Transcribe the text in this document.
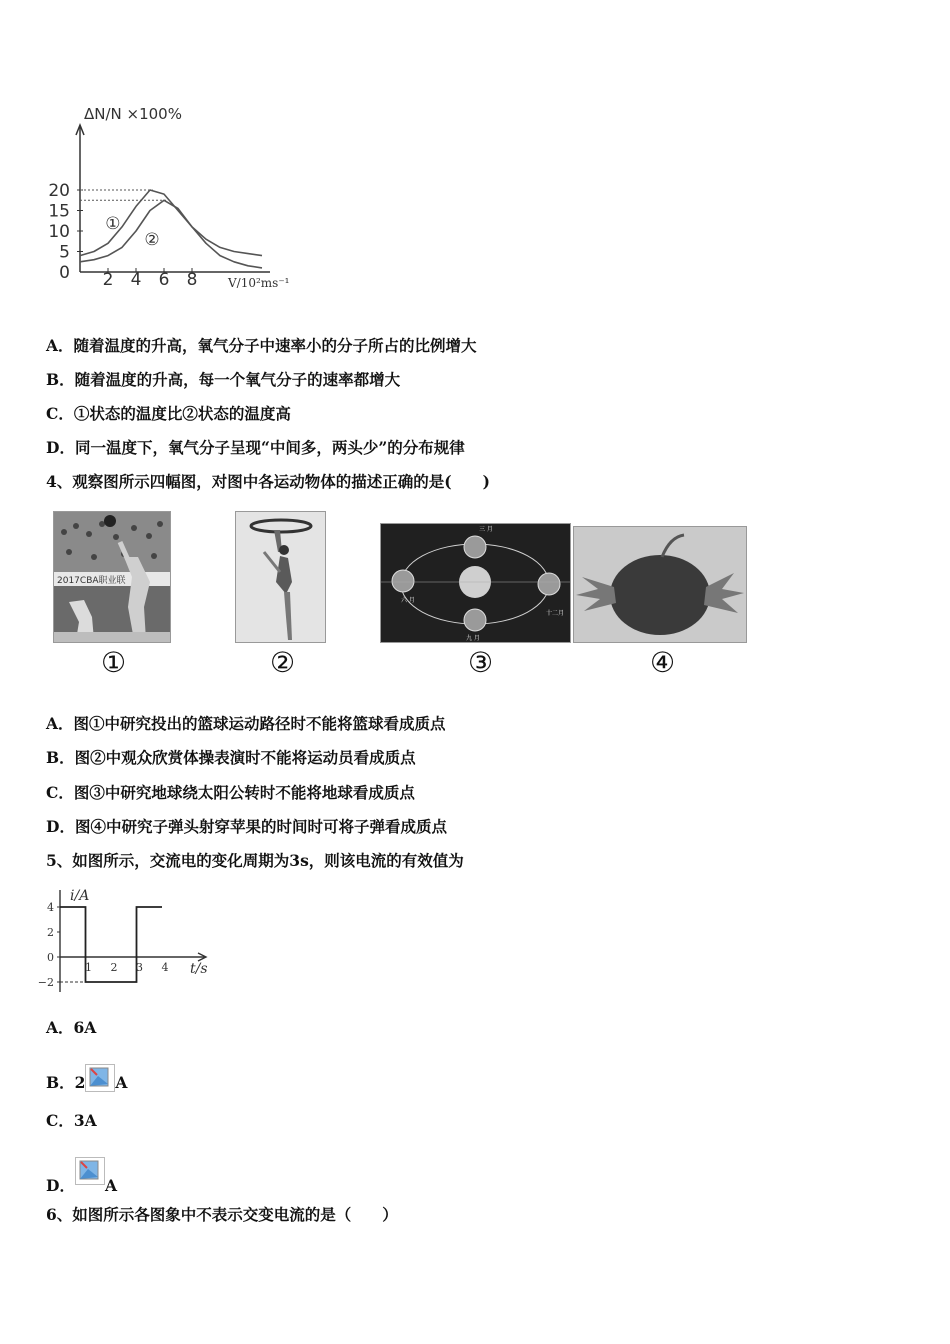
ΔN/N ×100%
V/10²ms⁻¹
0
5
10
15
20
2 4 6 8
①
②
A．随着温度的升高，氧气分子中速率小的分子所占的比例增大
B．随着温度的升高，每一个氧气分子的速率都增大
C．①状态的温度比②状态的温度高
D．同一温度下，氧气分子呈现“中间多，两头少”的分布规律
4、观察图所示四幅图，对图中各运动物体的描述正确的是(　　)
2017CBA职业联
三 月
六 月
九 月
十二月
①	②	③	④
A．图①中研究投出的篮球运动路径时不能将篮球看成质点
B．图②中观众欣赏体操表演时不能将运动员看成质点
C．图③中研究地球绕太阳公转时不能将地球看成质点
D．图④中研究子弹头射穿苹果的时间时可将子弹看成质点
5、如图所示，交流电的变化周期为3s，则该电流的有效值为
i/A
t/s
4
2
0
−2
1 2 3 4
A．6A
B．2 A
C．3A
D． A
6、如图所示各图象中不表示交变电流的是（　　）
